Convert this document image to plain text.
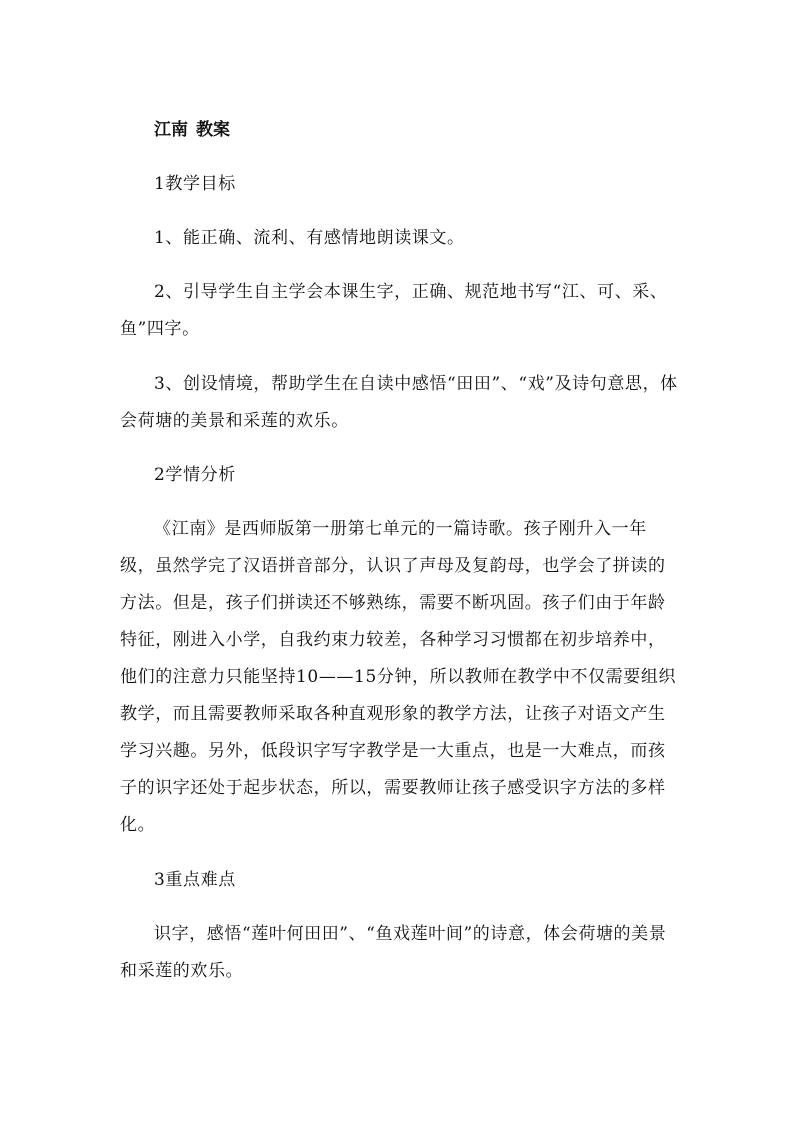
江南 教案

1教学目标

1、能正确、流利、有感情地朗读课文。

2、引导学生自主学会本课生字，正确、规范地书写“江、可、采、鱼”四字。

3、创设情境，帮助学生在自读中感悟“田田”、“戏”及诗句意思，体会荷塘的美景和采莲的欢乐。

2学情分析

《江南》是西师版第一册第七单元的一篇诗歌。孩子刚升入一年级，虽然学完了汉语拼音部分，认识了声母及复韵母，也学会了拼读的方法。但是，孩子们拼读还不够熟练，需要不断巩固。孩子们由于年龄特征，刚进入小学，自我约束力较差，各种学习习惯都在初步培养中，他们的注意力只能坚持10——15分钟，所以教师在教学中不仅需要组织教学，而且需要教师采取各种直观形象的教学方法，让孩子对语文产生学习兴趣。另外，低段识字写字教学是一大重点，也是一大难点，而孩子的识字还处于起步状态，所以，需要教师让孩子感受识字方法的多样化。

3重点难点

识字，感悟“莲叶何田田”、“鱼戏莲叶间”的诗意，体会荷塘的美景和采莲的欢乐。
